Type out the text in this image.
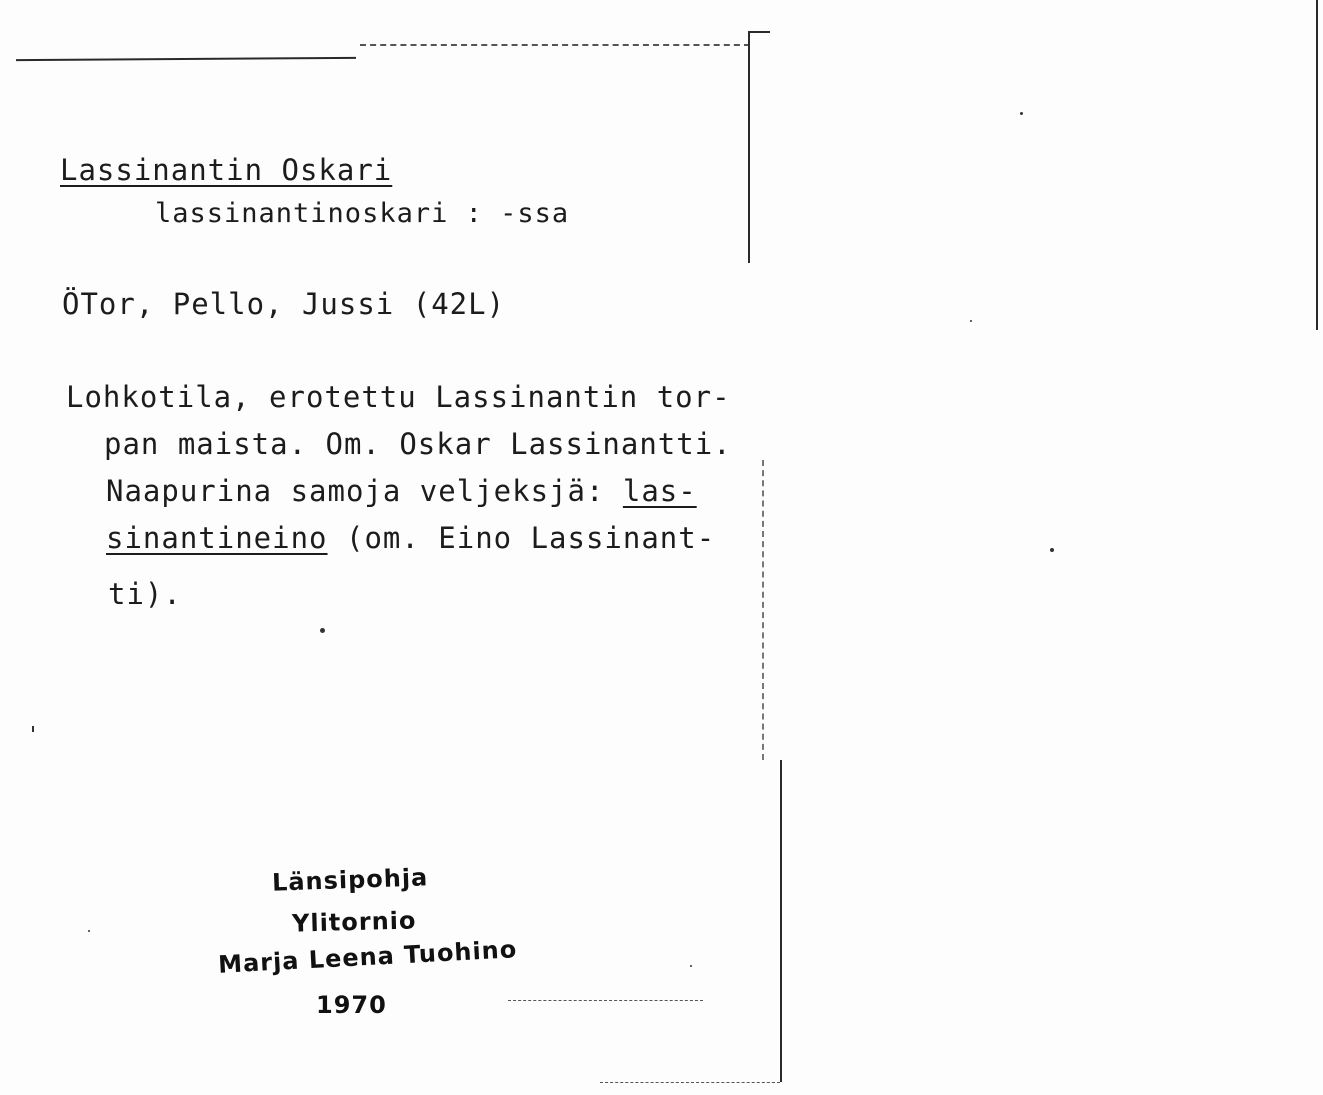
Lassinantin Oskari
lassinantinoskari : -ssa
ÖTor, Pello, Jussi (42L)
Lohkotila, erotettu Lassinantin tor-
pan maista. Om. Oskar Lassinantti.
Naapurina samoja veljeksjä: las-
sinantineino (om. Eino Lassinant-
ti).
Länsipohja
Ylitornio
Marja Leena Tuohino
1970
